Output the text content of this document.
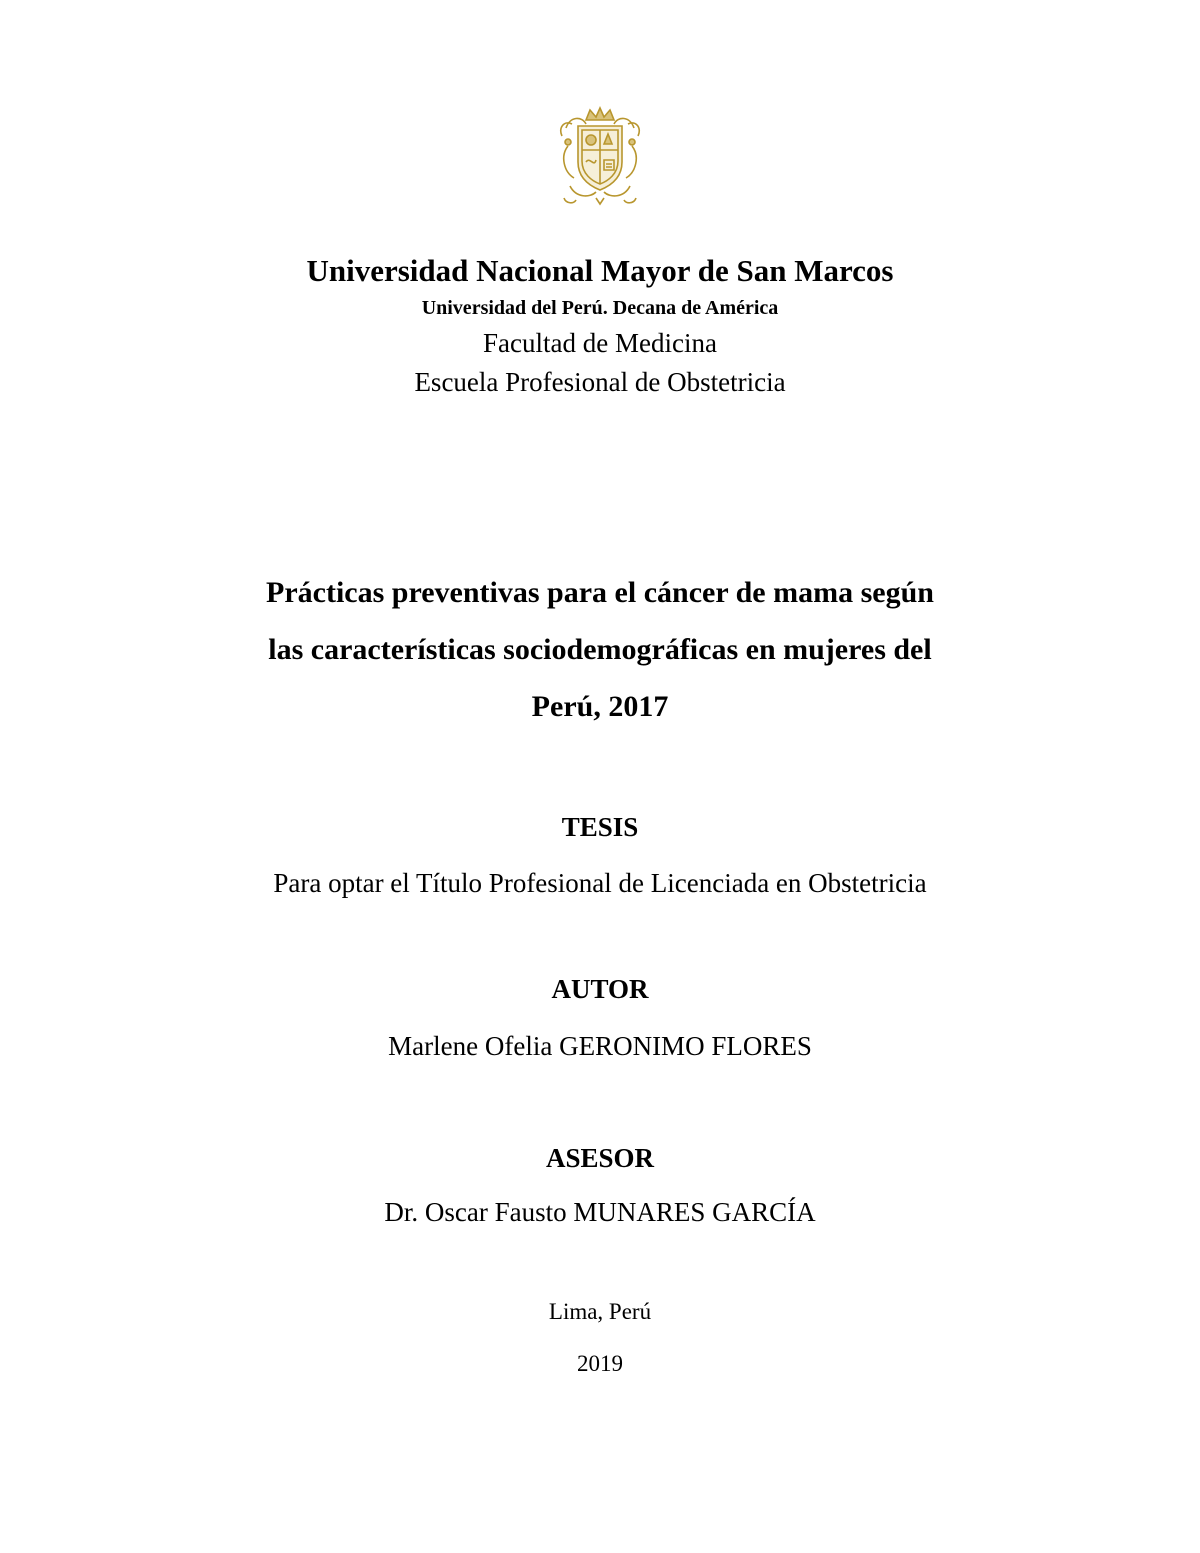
Universidad Nacional Mayor de San Marcos
Universidad del Perú. Decana de América
Facultad de Medicina
Escuela Profesional de Obstetricia
Prácticas preventivas para el cáncer de mama según
las características sociodemográficas en mujeres del
Perú, 2017
TESIS
Para optar el Título Profesional de Licenciada en Obstetricia
AUTOR
Marlene Ofelia GERONIMO FLORES
ASESOR
Dr. Oscar Fausto MUNARES GARCÍA
Lima, Perú
2019
